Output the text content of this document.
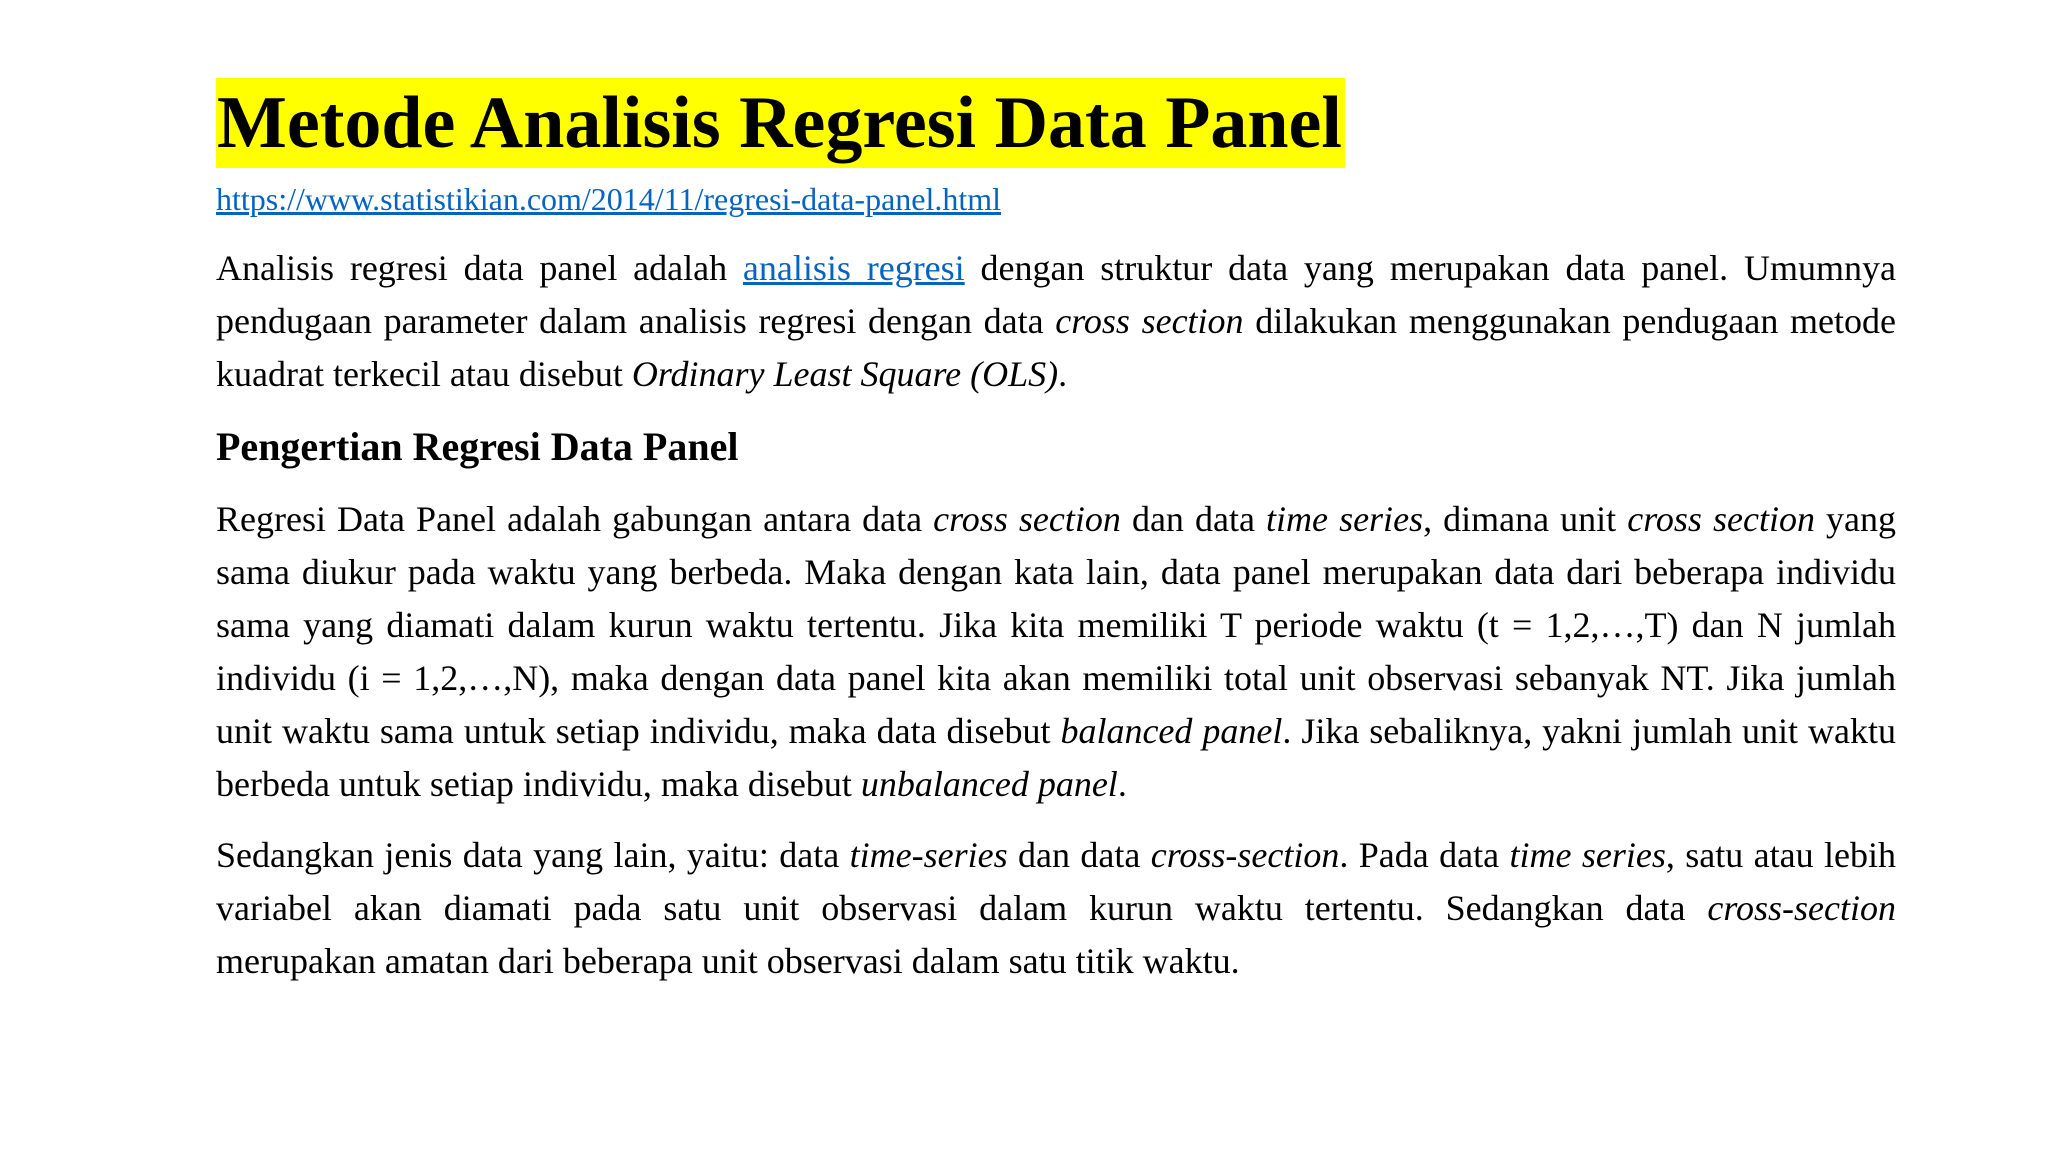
Metode Analisis Regresi Data Panel
https://www.statistikian.com/2014/11/regresi-data-panel.html

Analisis regresi data panel adalah analisis regresi dengan struktur data yang merupakan data panel. Umumnya pendugaan parameter dalam analisis regresi dengan data cross section dilakukan menggunakan pendugaan metode kuadrat terkecil atau disebut Ordinary Least Square (OLS).

Pengertian Regresi Data Panel

Regresi Data Panel adalah gabungan antara data cross section dan data time series, dimana unit cross section yang sama diukur pada waktu yang berbeda. Maka dengan kata lain, data panel merupakan data dari beberapa individu sama yang diamati dalam kurun waktu tertentu. Jika kita memiliki T periode waktu (t = 1,2,…,T) dan N jumlah individu (i = 1,2,…,N), maka dengan data panel kita akan memiliki total unit observasi sebanyak NT. Jika jumlah unit waktu sama untuk setiap individu, maka data disebut balanced panel. Jika sebaliknya, yakni jumlah unit waktu berbeda untuk setiap individu, maka disebut unbalanced panel.

Sedangkan jenis data yang lain, yaitu: data time-series dan data cross-section. Pada data time series, satu atau lebih variabel akan diamati pada satu unit observasi dalam kurun waktu tertentu. Sedangkan data cross-section merupakan amatan dari beberapa unit observasi dalam satu titik waktu.
